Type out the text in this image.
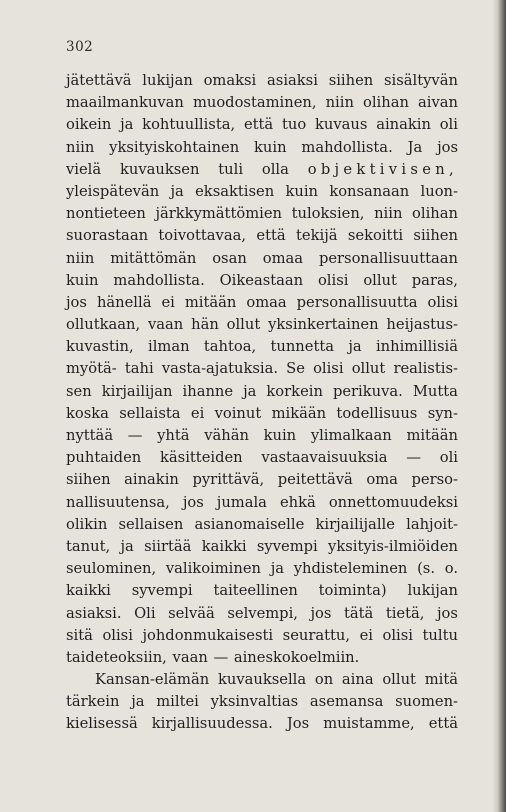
302
jätettävä lukijan omaksi asiaksi siihen sisältyvän
maailmankuvan muodostaminen, niin olihan aivan
oikein ja kohtuullista, että tuo kuvaus ainakin oli
niin yksityiskohtainen kuin mahdollista. Ja jos
vielä kuvauksen tuli olla objektivisen,
yleispätevän ja eksaktisen kuin konsanaan luon-
nontieteen järkkymättömien tuloksien, niin olihan
suorastaan toivottavaa, että tekijä sekoitti siihen
niin mitättömän osan omaa personallisuuttaan
kuin mahdollista. Oikeastaan olisi ollut paras,
jos hänellä ei mitään omaa personallisuutta olisi
ollutkaan, vaan hän ollut yksinkertainen heijastus-
kuvastin, ilman tahtoa, tunnetta ja inhimillisiä
myötä- tahi vasta-ajatuksia. Se olisi ollut realistis-
sen kirjailijan ihanne ja korkein perikuva. Mutta
koska sellaista ei voinut mikään todellisuus syn-
nyttää — yhtä vähän kuin ylimalkaan mitään
puhtaiden käsitteiden vastaavaisuuksia — oli
siihen ainakin pyrittävä, peitettävä oma perso-
nallisuutensa, jos jumala ehkä onnettomuudeksi
olikin sellaisen asianomaiselle kirjailijalle lahjoit-
tanut, ja siirtää kaikki syvempi yksityis-ilmiöiden
seulominen, valikoiminen ja yhdisteleminen (s. o.
kaikki syvempi taiteellinen toiminta) lukijan
asiaksi. Oli selvää selvempi, jos tätä tietä, jos
sitä olisi johdonmukaisesti seurattu, ei olisi tultu
taideteoksiin,
vaan
—
aineskokoelmiin.
Kansan-elämän kuvauksella on aina ollut mitä
tärkein ja miltei yksinvaltias asemansa suomen-
kielisessä kirjallisuudessa. Jos muistamme, että
